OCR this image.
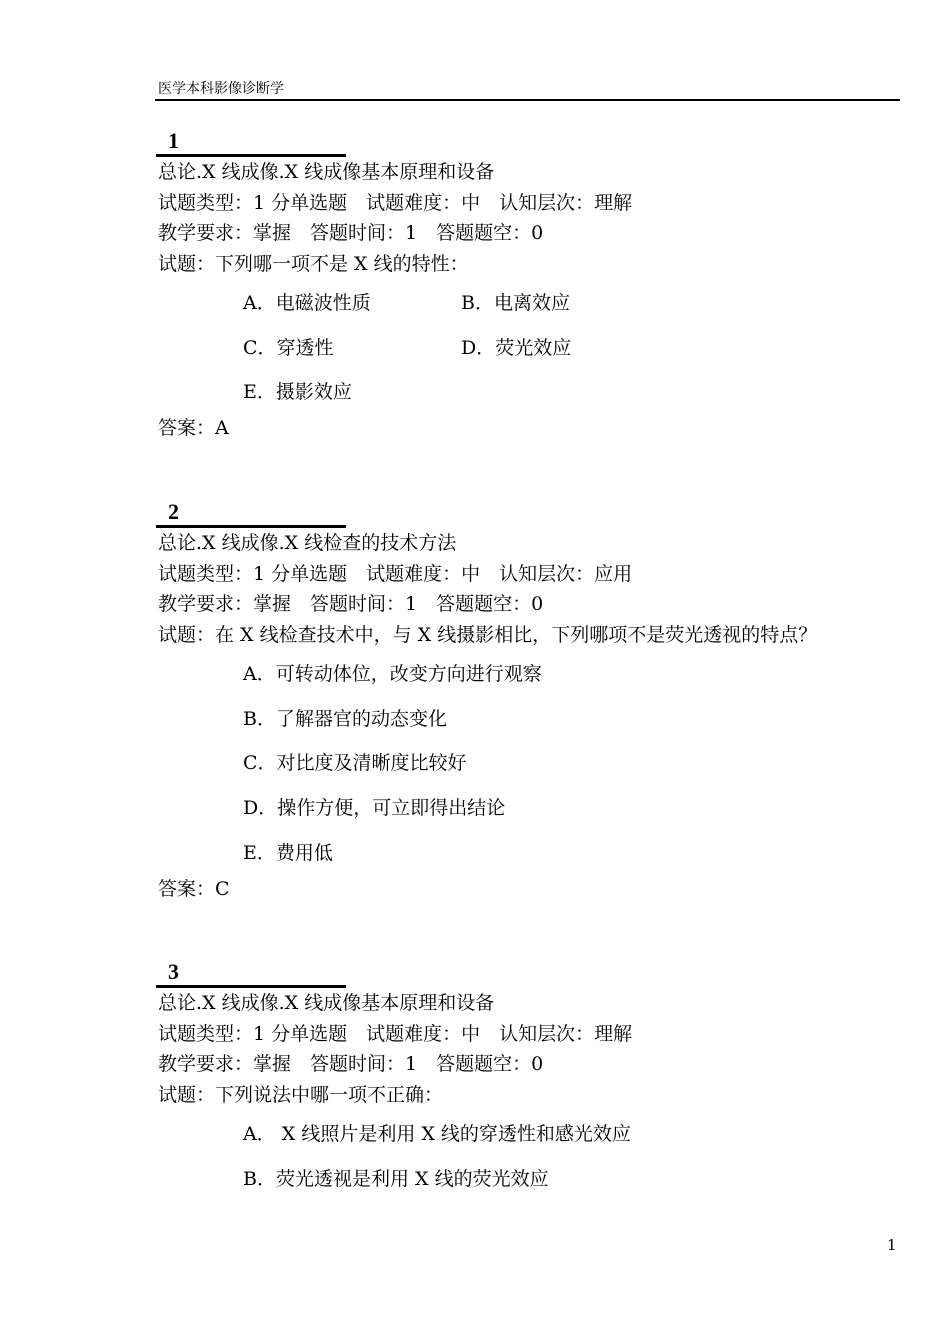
医学本科影像诊断学
1
总论.X 线成像.X 线成像基本原理和设备
试题类型：1 分单选题　试题难度：中　认知层次：理解
教学要求：掌握　答题时间：1　答题题空：0
试题：下列哪一项不是 X 线的特性：
A．电磁波性质	B．电离效应
C．穿透性	D．荧光效应
E．摄影效应
答案：A
2
总论.X 线成像.X 线检查的技术方法
试题类型：1 分单选题　试题难度：中　认知层次：应用
教学要求：掌握　答题时间：1　答题题空：0
试题：在 X 线检查技术中，与 X 线摄影相比，下列哪项不是荧光透视的特点？
A．可转动体位，改变方向进行观察
B．了解器官的动态变化
C．对比度及清晰度比较好
D．操作方便，可立即得出结论
E．费用低
答案：C
3
总论.X 线成像.X 线成像基本原理和设备
试题类型：1 分单选题　试题难度：中　认知层次：理解
教学要求：掌握　答题时间：1　答题题空：0
试题：下列说法中哪一项不正确：
A． X 线照片是利用 X 线的穿透性和感光效应
B．荧光透视是利用 X 线的荧光效应
1
